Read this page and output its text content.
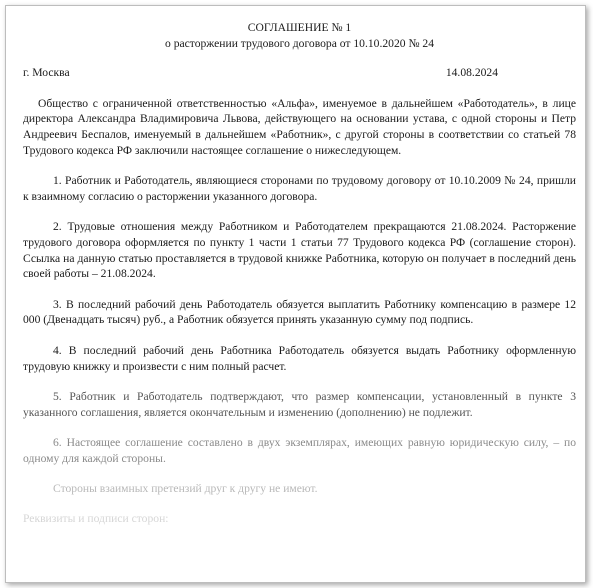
СОГЛАШЕНИЕ № 1
о расторжении трудового договора от 10.10.2020 № 24
г. Москва	14.08.2024

Общество с ограниченной ответственностью «Альфа», именуемое в дальнейшем «Работодатель», в лице директора Александра Владимировича Львова, действующего на основании устава, с одной стороны и Петр Андреевич Беспалов, именуемый в дальнейшем «Работник», с другой стороны в соответствии со статьей 78 Трудового кодекса РФ заключили настоящее соглашение о нижеследующем.

1. Работник и Работодатель, являющиеся сторонами по трудовому договору от 10.10.2009 № 24, пришли к взаимному согласию о расторжении указанного договора.

2. Трудовые отношения между Работником и Работодателем прекращаются 21.08.2024. Расторжение трудового договора оформляется по пункту 1 части 1 статьи 77 Трудового кодекса РФ (соглашение сторон). Ссылка на данную статью проставляется в трудовой книжке Работника, которую он получает в последний день своей работы – 21.08.2024.

3. В последний рабочий день Работодатель обязуется выплатить Работнику компенсацию в размере 12 000 (Двенадцать тысяч) руб., а Работник обязуется принять указанную сумму под подпись.

4. В последний рабочий день Работника Работодатель обязуется выдать Работнику оформленную трудовую книжку и произвести с ним полный расчет.

5. Работник и Работодатель подтверждают, что размер компенсации, установленный в пункте 3 указанного соглашения, является окончательным и изменению (дополнению) не подлежит.

6. Настоящее соглашение составлено в двух экземплярах, имеющих равную юридическую силу, – по одному для каждой стороны.

Стороны взаимных претензий друг к другу не имеют.

Реквизиты и подписи сторон:
